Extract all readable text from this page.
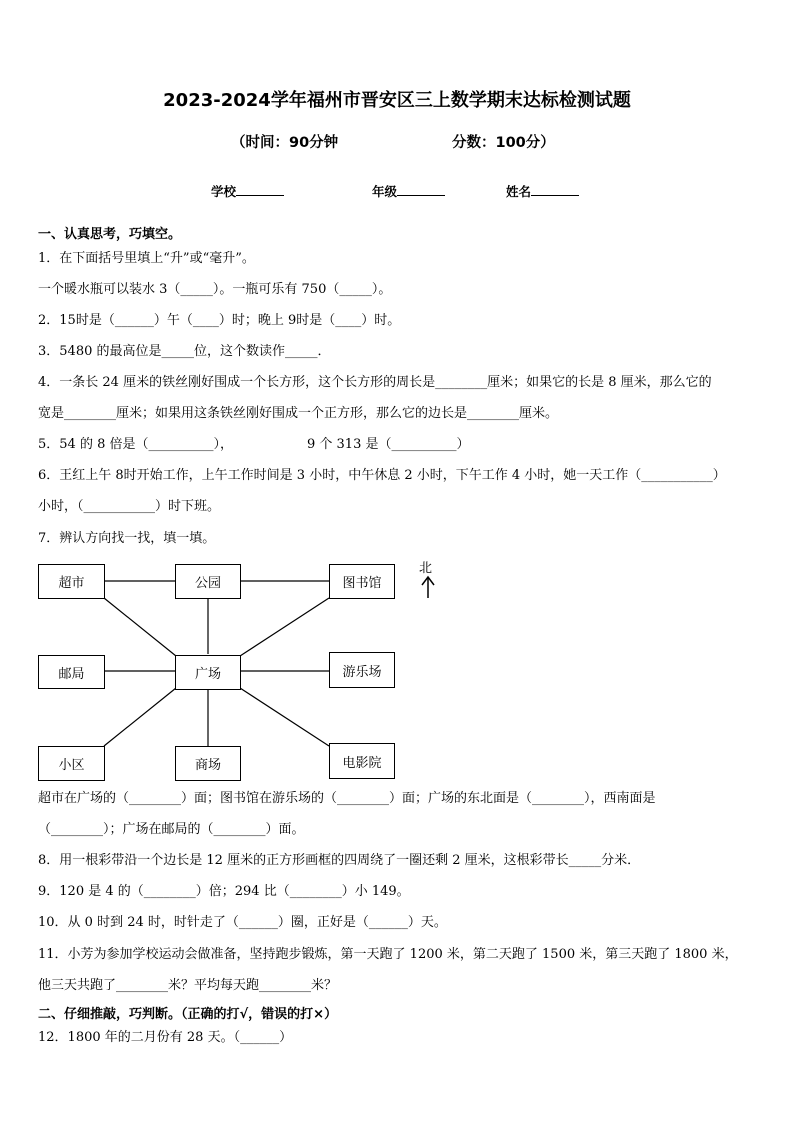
2023-2024学年福州市晋安区三上数学期末达标检测试题
（时间：90分钟	分数：100分）
学校	年级	姓名
一、认真思考，巧填空。
1．在下面括号里填上“升”或“毫升”。
一个暖水瓶可以装水 3（_____）。一瓶可乐有 750（_____）。
2．15时是（______）午（____）时；晚上 9时是（____）时。
3．5480 的最高位是_____位，这个数读作_____．
4．一条长 24 厘米的铁丝刚好围成一个长方形，这个长方形的周长是________厘米；如果它的长是 8 厘米，那么它的
宽是________厘米；如果用这条铁丝刚好围成一个正方形，那么它的边长是________厘米。
5．54 的 8 倍是（__________），	9 个 313 是（__________）
6．王红上午 8时开始工作，上午工作时间是 3 小时，中午休息 2 小时，下午工作 4 小时，她一天工作（___________）
小时，（___________）时下班。
7．辨认方向找一找，填一填。
北
超市	公园	图书馆
邮局	广场	游乐场
小区	商场	电影院
超市在广场的（________）面；图书馆在游乐场的（________）面；广场的东北面是（________），西南面是
（________）；广场在邮局的（________）面。
8．用一根彩带沿一个边长是 12 厘米的正方形画框的四周绕了一圈还剩 2 厘米，这根彩带长_____分米．
9．120 是 4 的（________）倍；294 比（________）小 149。
10．从 0 时到 24 时，时针走了（______）圈，正好是（______）天。
11．小芳为参加学校运动会做准备，坚持跑步锻炼，第一天跑了 1200 米，第二天跑了 1500 米，第三天跑了 1800 米，
他三天共跑了________米？平均每天跑________米？
二、仔细推敲，巧判断。（正确的打√，错误的打×）
12．1800 年的二月份有 28 天。（______）
